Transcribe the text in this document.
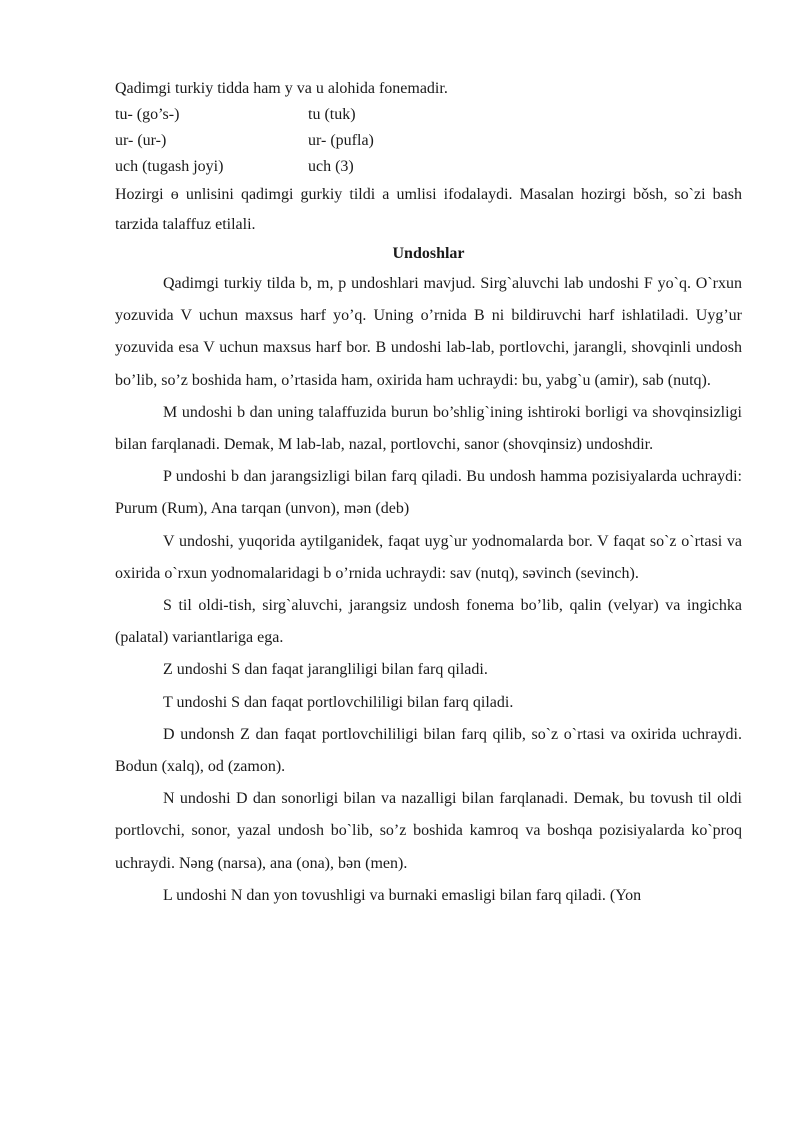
Qadimgi turkiy tidda ham y va u alohida fonemadir.
tu- (go’s-)	tu (tuk)
ur- (ur-)	ur- (pufla)
uch (tugash joyi)	uch (3)

Hozirgi ɵ unlisini qadimgi gurkiy tildi a umlisi ifodalaydi. Masalan hozirgi bǒsh, so`zi bash tarzida talaffuz etilali.

Undoshlar

Qadimgi turkiy tilda b, m, p undoshlari mavjud. Sirg`aluvchi lab undoshi F yo`q. O`rxun yozuvida V uchun maxsus harf yo’q. Uning o’rnida B ni bildiruvchi harf ishlatiladi. Uyg’ur yozuvida esa V uchun maxsus harf bor. B undoshi lab-lab, portlovchi, jarangli, shovqinli undosh bo’lib, so’z boshida ham, o’rtasida ham, oxirida ham uchraydi: bu, yabg`u (amir), sab (nutq).

M undoshi b dan uning talaffuzida burun bo’shlig`ining ishtiroki borligi va shovqinsizligi bilan farqlanadi. Demak, M lab-lab, nazal, portlovchi, sanor (shovqinsiz) undoshdir.

P undoshi b dan jarangsizligi bilan farq qiladi. Bu undosh hamma pozisiyalarda uchraydi: Purum (Rum), Ana tarqan (unvon), mən (deb)

V undoshi, yuqorida aytilganidek, faqat uyg`ur yodnomalarda bor. V faqat so`z o`rtasi va oxirida o`rxun yodnomalaridagi b o’rnida uchraydi: sav (nutq), səvinch (sevinch).

S til oldi-tish, sirg`aluvchi, jarangsiz undosh fonema bo’lib, qalin (velyar) va ingichka (palatal) variantlariga ega.

Z undoshi S dan faqat jarangliligi bilan farq qiladi.

T undoshi S dan faqat portlovchililigi bilan farq qiladi.

D undonsh Z dan faqat portlovchililigi bilan farq qilib, so`z o`rtasi va oxirida uchraydi. Bodun (xalq), od (zamon).

N undoshi D dan sonorligi bilan va nazalligi bilan farqlanadi. Demak, bu tovush til oldi portlovchi, sonor, yazal undosh bo`lib, so’z boshida kamroq va boshqa pozisiyalarda ko`proq uchraydi. Nəng (narsa), ana (ona), bən (men).

L undoshi N dan yon tovushligi va burnaki emasligi bilan farq qiladi. (Yon
